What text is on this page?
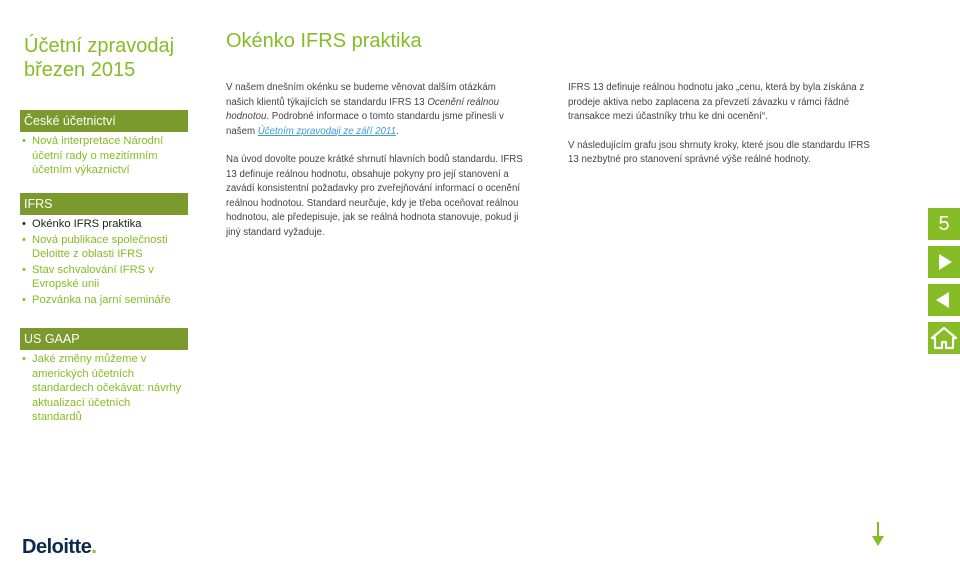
Účetní zpravodaj
březen 2015
České účetnictví
• Nová interpretace Národní účetní rady o mezitímním účetním výkaznictví
IFRS
• Okénko IFRS praktika
• Nová publikace společnosti Deloitte z oblasti IFRS
• Stav schvalování IFRS v Evropské unii
• Pozvánka na jarní semináře
US GAAP
• Jaké změny můžeme v amerických účetních standardech očekávat: návrhy aktualizací účetních standardů
Deloitte.
Okénko IFRS praktika

V našem dnešním okénku se budeme věnovat dalším otázkám našich klientů týkajících se standardu IFRS 13 Ocenění reálnou hodnotou. Podrobné informace o tomto standardu jsme přinesli v našem Účetním zpravodaji ze září 2011.

Na úvod dovolte pouze krátké shrnutí hlavních bodů standardu. IFRS 13 definuje reálnou hodnotu, obsahuje pokyny pro její stanovení a zavádí konsistentní požadavky pro zveřejňování informací o ocenění reálnou hodnotou. Standard neurčuje, kdy je třeba oceňovat reálnou hodnotou, ale předepisuje, jak se reálná hodnota stanovuje, pokud ji jiný standard vyžaduje.

IFRS 13 definuje reálnou hodnotu jako „cenu, která by byla získána z prodeje aktiva nebo zaplacena za převzetí závazku v rámci řádné transakce mezi účastníky trhu ke dni ocenění“.

V následujícím grafu jsou shrnuty kroky, které jsou dle standardu IFRS 13 nezbytné pro stanovení správné výše reálné hodnoty.

5
